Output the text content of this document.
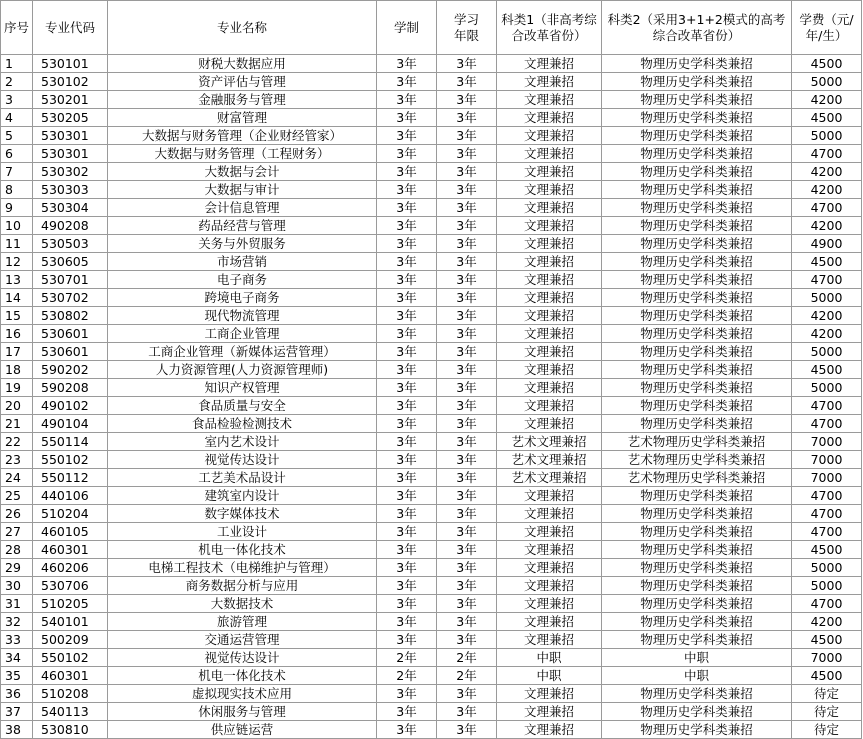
序号	专业代码	专业名称	学制	学习年限	科类1（非高考综合改革省份）	科类2（采用3+1+2模式的高考综合改革省份）	学费（元/年/生）
1	530101	财税大数据应用	3年	3年	文理兼招	物理历史学科类兼招	4500
2	530102	资产评估与管理	3年	3年	文理兼招	物理历史学科类兼招	5000
3	530201	金融服务与管理	3年	3年	文理兼招	物理历史学科类兼招	4200
4	530205	财富管理	3年	3年	文理兼招	物理历史学科类兼招	4500
5	530301	大数据与财务管理（企业财经管家）	3年	3年	文理兼招	物理历史学科类兼招	5000
6	530301	大数据与财务管理（工程财务）	3年	3年	文理兼招	物理历史学科类兼招	4700
7	530302	大数据与会计	3年	3年	文理兼招	物理历史学科类兼招	4200
8	530303	大数据与审计	3年	3年	文理兼招	物理历史学科类兼招	4200
9	530304	会计信息管理	3年	3年	文理兼招	物理历史学科类兼招	4700
10	490208	药品经营与管理	3年	3年	文理兼招	物理历史学科类兼招	4200
11	530503	关务与外贸服务	3年	3年	文理兼招	物理历史学科类兼招	4900
12	530605	市场营销	3年	3年	文理兼招	物理历史学科类兼招	4500
13	530701	电子商务	3年	3年	文理兼招	物理历史学科类兼招	4700
14	530702	跨境电子商务	3年	3年	文理兼招	物理历史学科类兼招	5000
15	530802	现代物流管理	3年	3年	文理兼招	物理历史学科类兼招	4200
16	530601	工商企业管理	3年	3年	文理兼招	物理历史学科类兼招	4200
17	530601	工商企业管理（新媒体运营管理）	3年	3年	文理兼招	物理历史学科类兼招	5000
18	590202	人力资源管理(人力资源管理师)	3年	3年	文理兼招	物理历史学科类兼招	4500
19	590208	知识产权管理	3年	3年	文理兼招	物理历史学科类兼招	5000
20	490102	食品质量与安全	3年	3年	文理兼招	物理历史学科类兼招	4700
21	490104	食品检验检测技术	3年	3年	文理兼招	物理历史学科类兼招	4700
22	550114	室内艺术设计	3年	3年	艺术文理兼招	艺术物理历史学科类兼招	7000
23	550102	视觉传达设计	3年	3年	艺术文理兼招	艺术物理历史学科类兼招	7000
24	550112	工艺美术品设计	3年	3年	艺术文理兼招	艺术物理历史学科类兼招	7000
25	440106	建筑室内设计	3年	3年	文理兼招	物理历史学科类兼招	4700
26	510204	数字媒体技术	3年	3年	文理兼招	物理历史学科类兼招	4700
27	460105	工业设计	3年	3年	文理兼招	物理历史学科类兼招	4700
28	460301	机电一体化技术	3年	3年	文理兼招	物理历史学科类兼招	4500
29	460206	电梯工程技术（电梯维护与管理）	3年	3年	文理兼招	物理历史学科类兼招	5000
30	530706	商务数据分析与应用	3年	3年	文理兼招	物理历史学科类兼招	5000
31	510205	大数据技术	3年	3年	文理兼招	物理历史学科类兼招	4700
32	540101	旅游管理	3年	3年	文理兼招	物理历史学科类兼招	4200
33	500209	交通运营管理	3年	3年	文理兼招	物理历史学科类兼招	4500
34	550102	视觉传达设计	2年	2年	中职	中职	7000
35	460301	机电一体化技术	2年	2年	中职	中职	4500
36	510208	虚拟现实技术应用	3年	3年	文理兼招	物理历史学科类兼招	待定
37	540113	休闲服务与管理	3年	3年	文理兼招	物理历史学科类兼招	待定
38	530810	供应链运营	3年	3年	文理兼招	物理历史学科类兼招	待定
